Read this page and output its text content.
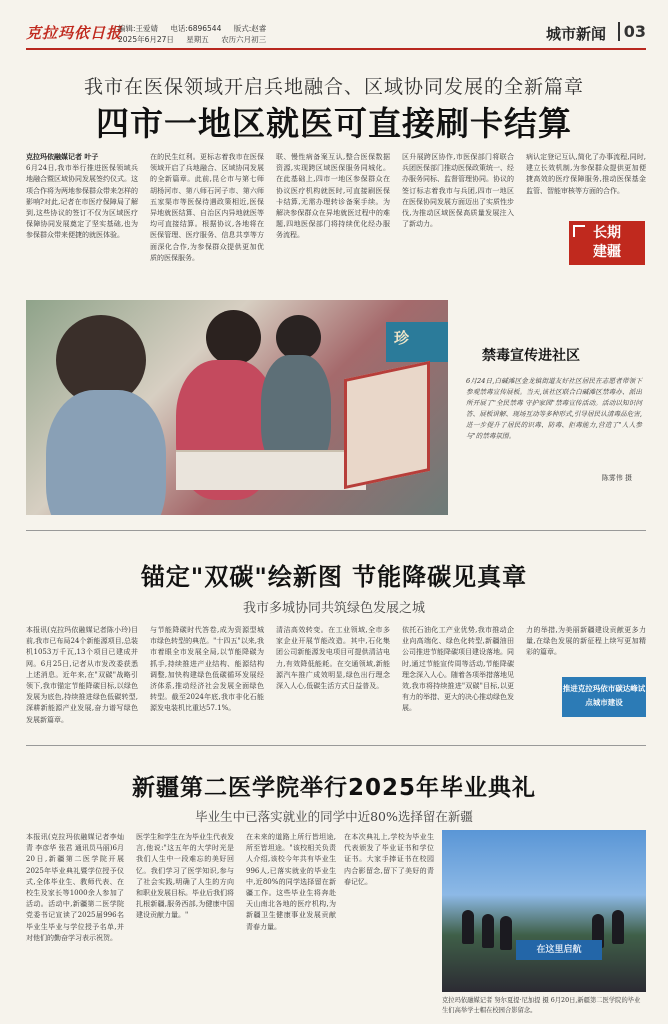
克拉玛依日报
编辑:王爱婧 电话:6896544 版式:赵睿
2025年6月27日 星期五 农历六月初三	城市新闻	03
我市在医保领域开启兵地融合、区域协同发展的全新篇章
四市一地区就医可直接刷卡结算
克拉玛依融媒记者 叶子
6月24日,我市举行推进医保领域兵地融合暨区域协同发展签约仪式。这项合作将为两地参保群众带来怎样的影响?对此,记者在市医疗保障局了解到,这些协议的签订不仅为区域医疗保障协同发展奠定了坚实基础,也为参保群众带来便捷的就医体验。
在的民生红利。更标志着我市在医保领域开启了兵地融合、区域协同发展的全新篇章。此前,昆仑市与第七师胡杨河市、第八师石河子市、第六师五家渠市等医保待遇政策相近,医保异地就医结算、自治区内异地就医等均可直接结算。根据协议,各地将在医保管理、医疗服务、信息共享等方面深化合作,为参保群众提供更加优质的医保服务。
联、慢性病备案互认,整合医保数据资源,实现跨区域医保服务同城化。在此基础上,四市一地区参保群众在协议医疗机构就医时,可直接刷医保卡结算,无需办理转诊备案手续。为解决参保群众在异地就医过程中的难题,四地医保部门将持续优化经办服务流程。
区升展跨区协作,市医保部门将联合兵团医保部门推动医保政策统一、经办服务同标、监督管理协同。协议的签订标志着我市与兵团,四市一地区在医保协同发展方面迈出了实质性步伐,为推动区域医保高质量发展注入了新动力。
病认定登记互认,简化了办事流程,同时,建立长效机制,为参保群众提供更加便捷高效的医疗保障服务,推动医保基金监管、智能审核等方面的合作。
长期
建疆
珍
禁毒宣传进社区
6月24日,白碱滩区金龙镇街道友好社区居民在志愿者带领下参观禁毒宣传展板。当天,该社区联合白碱滩区禁毒办、派出所开展了"全民禁毒 守护家园"禁毒宣传活动。活动以知识问答、展板讲解、现场互动等多种形式,引导居民认清毒品危害,进一步提升了居民的识毒、防毒、拒毒能力,营造了"人人参与"的禁毒氛围。
陈雾伟 摄
锚定"双碳"绘新图 节能降碳见真章
我市多城协同共筑绿色发展之城
本报讯(克拉玛依融媒记者陈小玲)目前,我市已布局24个新能源项目,总装机1053万千瓦,13个项目已建成并网。6月25日,记者从市发改委获悉上述消息。近年来,在"双碳"战略引领下,我市锚定节能降碳目标,以绿色发展为底色,持续推进绿色低碳转型,深耕新能源产业发展,奋力谱写绿色发展新篇章。
与节能降碳时代答卷,成为资源型城市绿色转型的典范。"十四五"以来,我市着眼全市发展全局,以节能降碳为抓手,持续推进产业结构、能源结构调整,加快构建绿色低碳循环发展经济体系,推动经济社会发展全面绿色转型。截至2024年底,我市非化石能源发电装机比重达57.1%。
清洁高效转变。在工业领域,全市多家企业开展节能改造。其中,石化集团公司新能源发电项目可提供清洁电力,有效降低能耗。在交通领域,新能源汽车推广成效明显,绿色出行理念深入人心,低碳生活方式日益普及。
依托石油化工产业优势,我市推动企业向高端化、绿色化转型,新疆油田公司推进节能降碳项目建设落地。同时,通过节能宣传周等活动,节能降碳理念深入人心。随着各项举措落地见效,我市将持续推进"双碳"目标,以更有力的举措、更大的决心推动绿色发展。
力的举措,为美丽新疆建设贡献更多力量,在绿色发展的新征程上续写更加精彩的篇章。
推进克拉玛依市碳达峰试点城市建设
新疆第二医学院举行2025年毕业典礼
毕业生中已落实就业的同学中近80%选择留在新疆
本报讯(克拉玛依融媒记者李灿青 李彦华 张君 通讯员马丽)6月20日,新疆第二医学院开展2025年毕业典礼暨学位授予仪式,全体毕业生、教师代表、在校生及家长等1000余人参加了活动。活动中,新疆第二医学院党委书记宣读了2025届996名毕业生毕业与学位授予名单,并对他们的勤奋学习表示祝贺。
医学生和学生在为毕业生代表发言,他说:"这五年的大学时光是我们人生中一段难忘的美好回忆。我们学习了医学知识,参与了社会实践,明确了人生的方向和职业发展目标。毕业后我们将扎根新疆,服务西部,为健康中国建设贡献力量。"
在未来的道路上所行皆坦途,所至皆坦途。"该校相关负责人介绍,该校今年共有毕业生996人,已落实就业的毕业生中,近80%的同学选择留在新疆工作。这些毕业生将奔赴天山南北各地的医疗机构,为新疆卫生健康事业发展贡献青春力量。
在本次典礼上,学校为毕业生代表颁发了毕业证书和学位证书。大家手捧证书在校园内合影留念,留下了美好的青春记忆。
在这里启航
克拉玛依融媒记者 努尔夏提·尼加提 摄 6月20日,新疆第二医学院的毕业生们高举学士帽在校园合影留念。
